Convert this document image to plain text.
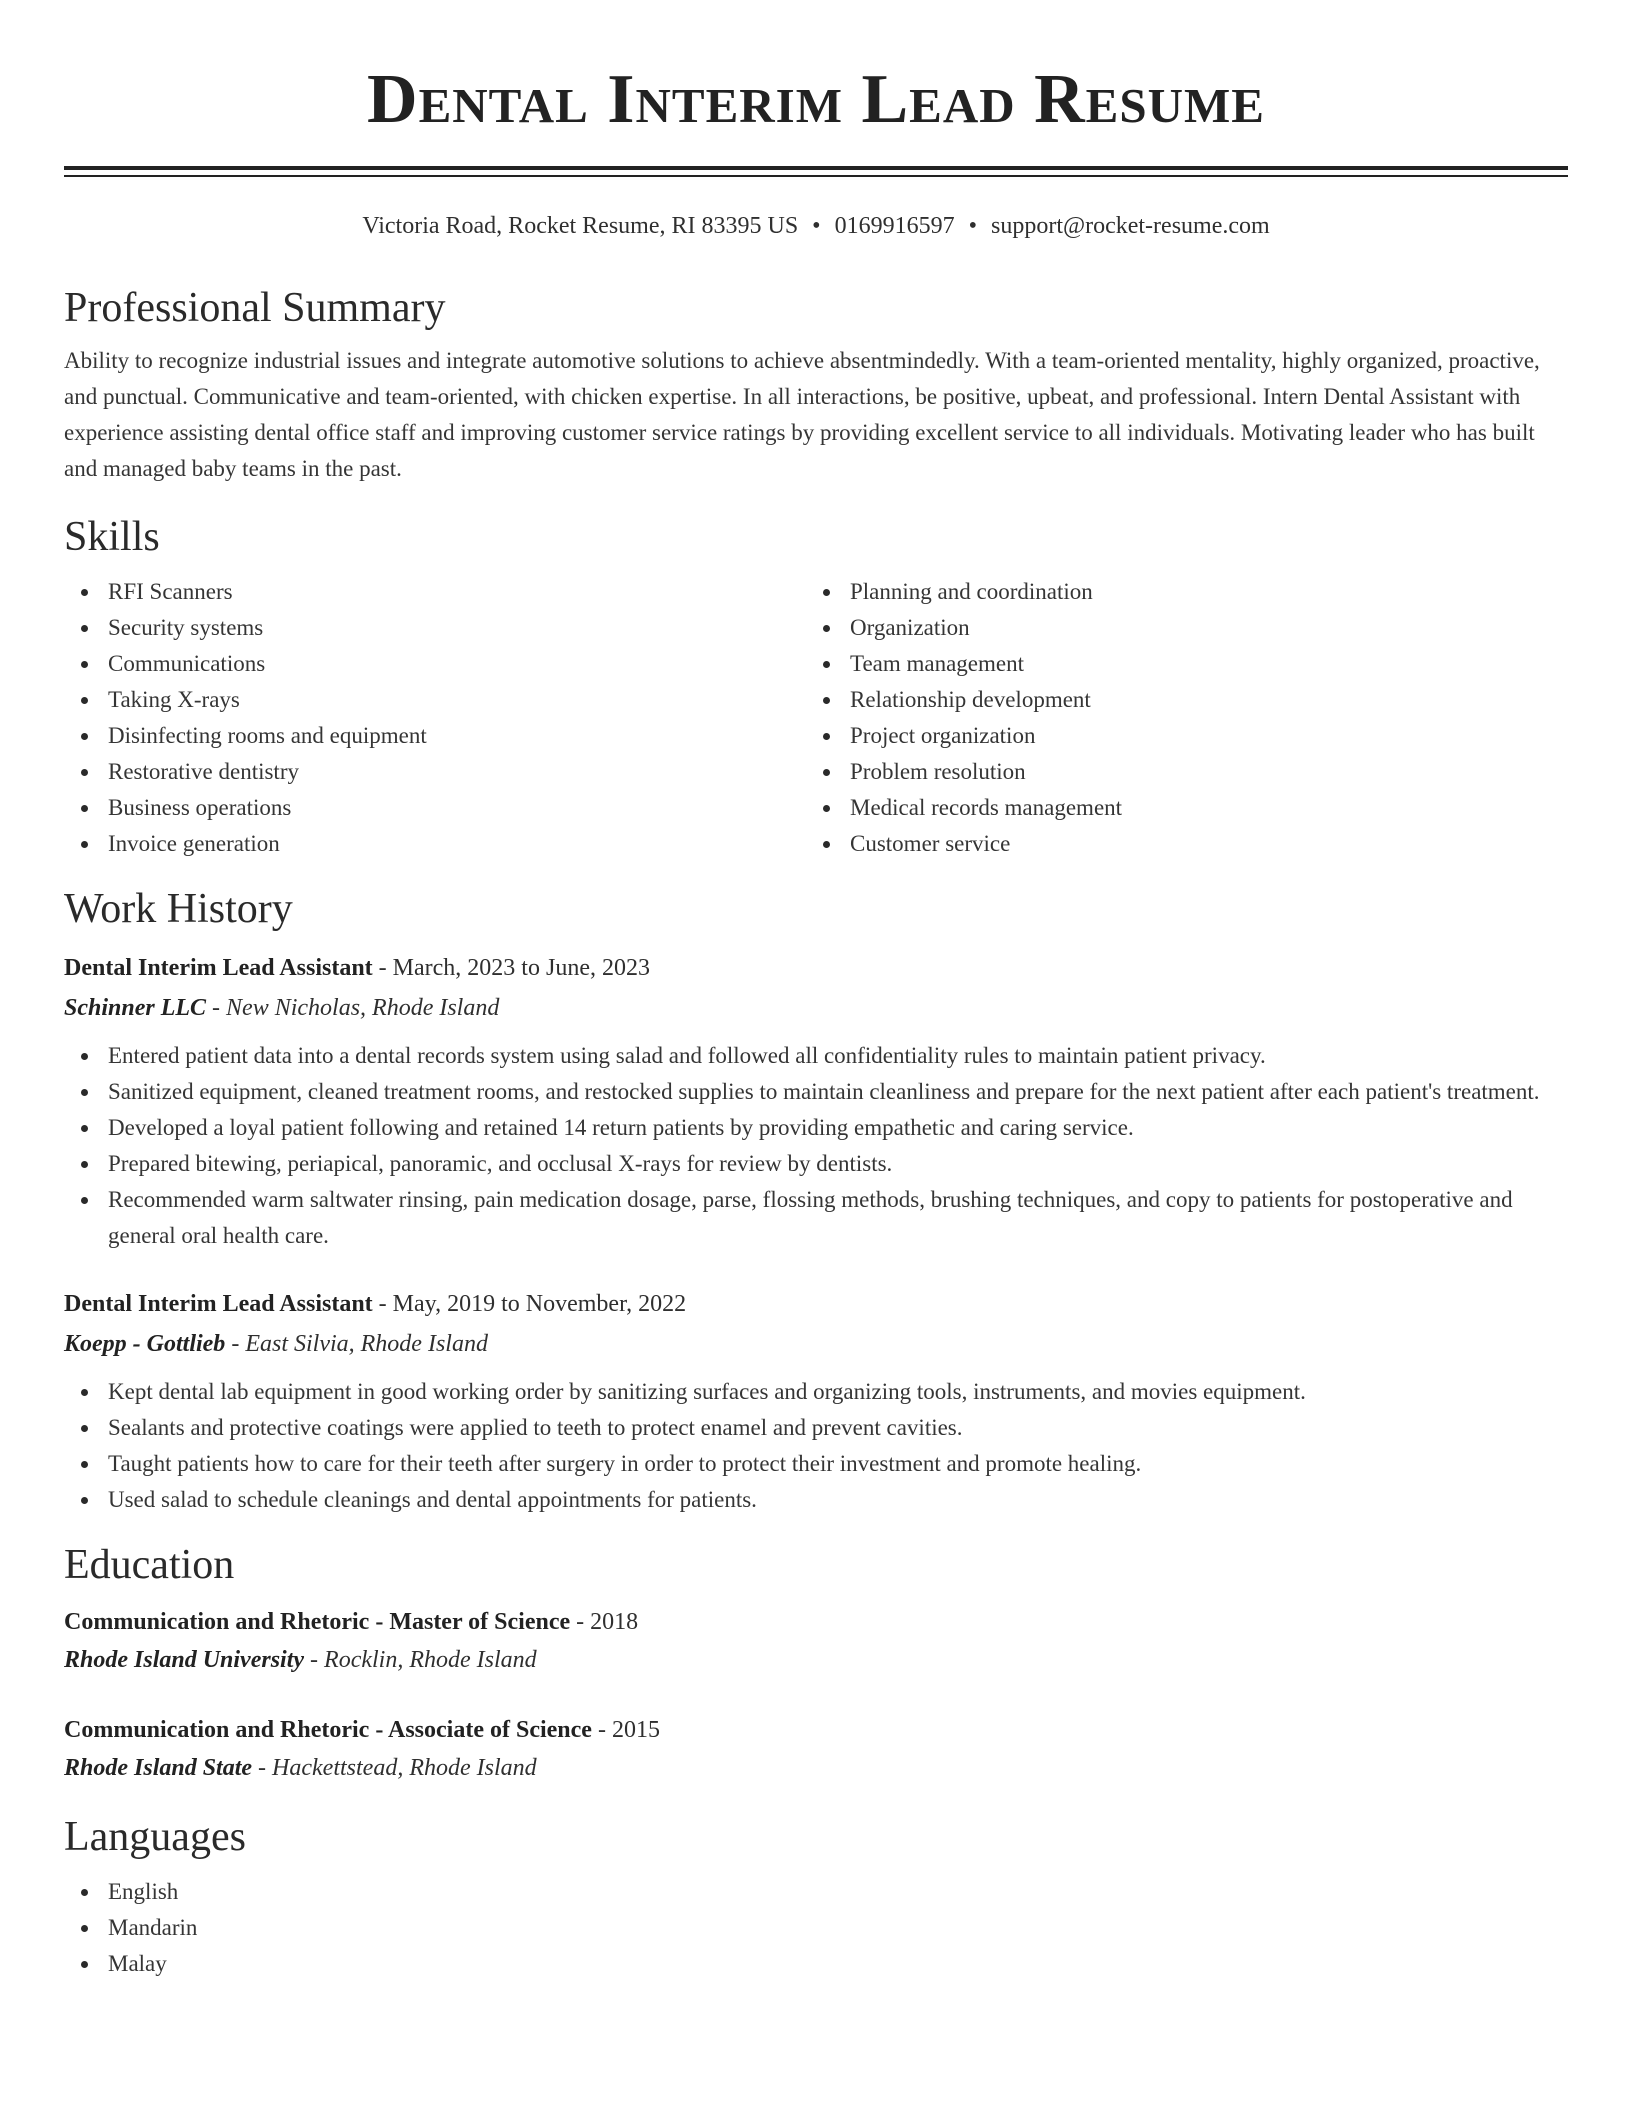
Dental Interim Lead Resume
Victoria Road, Rocket Resume, RI 83395 US • 0169916597 • support@rocket-resume.com
Professional Summary

Ability to recognize industrial issues and integrate automotive solutions to achieve absentmindedly. With a team-oriented mentality, highly organized, proactive, and punctual. Communicative and team-oriented, with chicken expertise. In all interactions, be positive, upbeat, and professional. Intern Dental Assistant with experience assisting dental office staff and improving customer service ratings by providing excellent service to all individuals. Motivating leader who has built and managed baby teams in the past.

Skills
RFI Scanners
Security systems
Communications
Taking X-rays
Disinfecting rooms and equipment
Restorative dentistry
Business operations
Invoice generation
Planning and coordination
Organization
Team management
Relationship development
Project organization
Problem resolution
Medical records management
Customer service
Work History

Dental Interim Lead Assistant - March, 2023 to June, 2023

Schinner LLC - New Nicholas, Rhode Island

Entered patient data into a dental records system using salad and followed all confidentiality rules to maintain patient privacy.
Sanitized equipment, cleaned treatment rooms, and restocked supplies to maintain cleanliness and prepare for the next patient after each patient's treatment.
Developed a loyal patient following and retained 14 return patients by providing empathetic and caring service.
Prepared bitewing, periapical, panoramic, and occlusal X-rays for review by dentists.
Recommended warm saltwater rinsing, pain medication dosage, parse, flossing methods, brushing techniques, and copy to patients for postoperative and general oral health care.

Dental Interim Lead Assistant - May, 2019 to November, 2022

Koepp - Gottlieb - East Silvia, Rhode Island

Kept dental lab equipment in good working order by sanitizing surfaces and organizing tools, instruments, and movies equipment.
Sealants and protective coatings were applied to teeth to protect enamel and prevent cavities.
Taught patients how to care for their teeth after surgery in order to protect their investment and promote healing.
Used salad to schedule cleanings and dental appointments for patients.
Education

Communication and Rhetoric - Master of Science - 2018

Rhode Island University - Rocklin, Rhode Island

Communication and Rhetoric - Associate of Science - 2015

Rhode Island State - Hackettstead, Rhode Island

Languages
English
Mandarin
Malay
